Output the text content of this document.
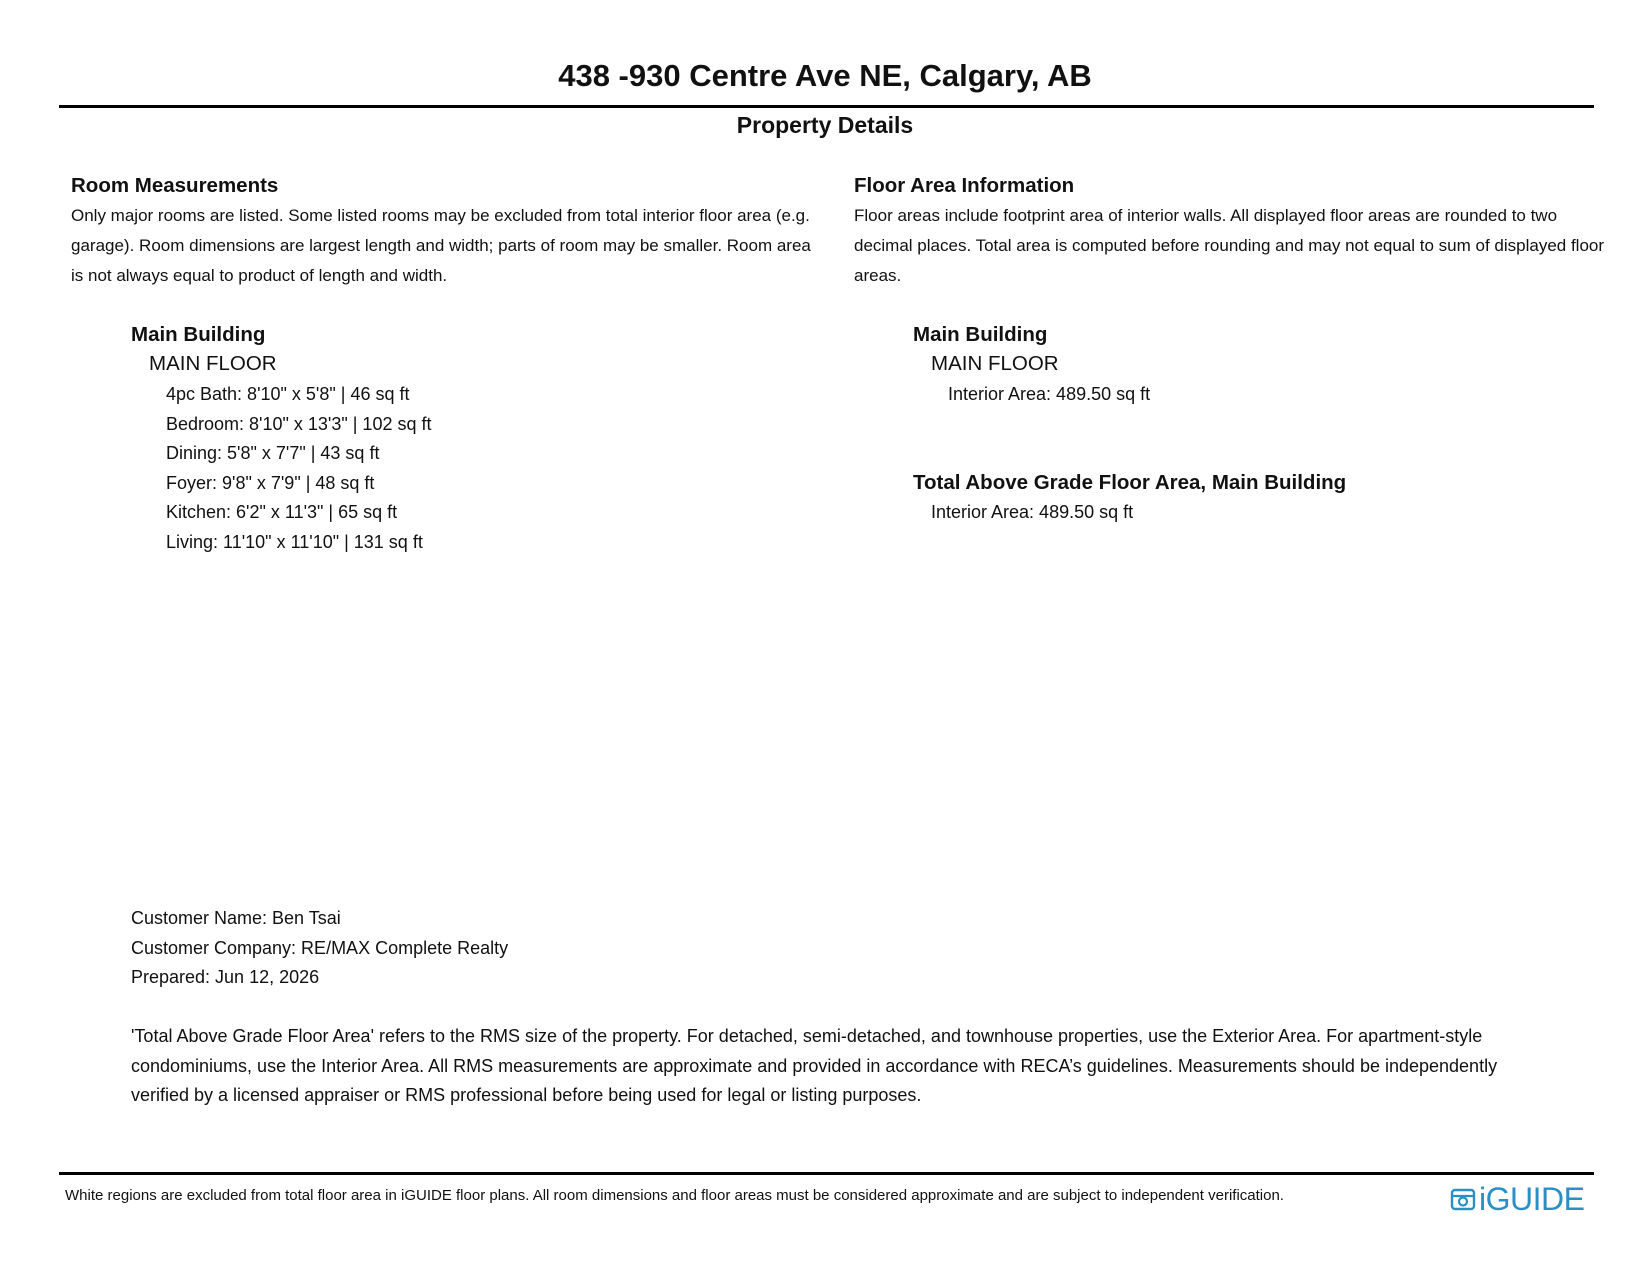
438 -930 Centre Ave NE, Calgary, AB
Property Details
Room Measurements
Only major rooms are listed. Some listed rooms may be excluded from total interior floor area (e.g. garage). Room dimensions are largest length and width; parts of room may be smaller. Room area is not always equal to product of length and width.
Main Building
MAIN FLOOR
4pc Bath: 8'10" x 5'8" | 46 sq ft
Bedroom: 8'10" x 13'3" | 102 sq ft
Dining: 5'8" x 7'7" | 43 sq ft
Foyer: 9'8" x 7'9" | 48 sq ft
Kitchen: 6'2" x 11'3" | 65 sq ft
Living: 11'10" x 11'10" | 131 sq ft
Floor Area Information
Floor areas include footprint area of interior walls. All displayed floor areas are rounded to two decimal places. Total area is computed before rounding and may not equal to sum of displayed floor areas.
Main Building
MAIN FLOOR
Interior Area: 489.50 sq ft
Total Above Grade Floor Area, Main Building
Interior Area: 489.50 sq ft
Customer Name: Ben Tsai
Customer Company: RE/MAX Complete Realty
Prepared: Jun 12, 2026
'Total Above Grade Floor Area' refers to the RMS size of the property. For detached, semi-detached, and townhouse properties, use the Exterior Area. For apartment-style condominiums, use the Interior Area. All RMS measurements are approximate and provided in accordance with RECA’s guidelines. Measurements should be independently verified by a licensed appraiser or RMS professional before being used for legal or listing purposes.
White regions are excluded from total floor area in iGUIDE floor plans. All room dimensions and floor areas must be considered approximate and are subject to independent verification.	iGUIDE
